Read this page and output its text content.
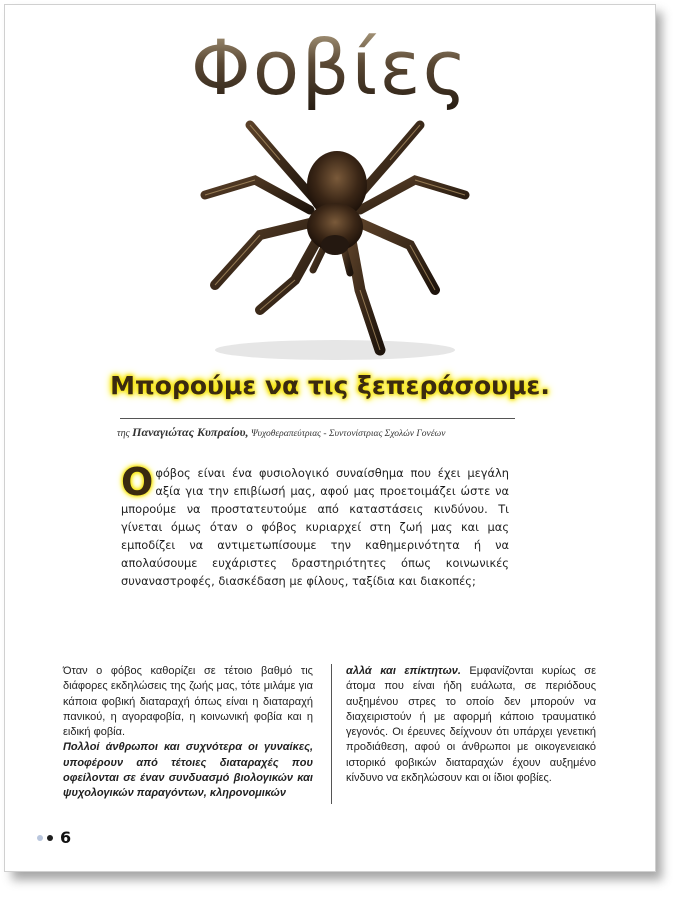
Φοβίες
Μπορούμε να τις ξεπεράσουμε.
της Παναγιώτας Κυπραίου, Ψυχοθεραπεύτριας - Συντονίστριας Σχολών Γονέων
Οφόβος είναι ένα φυσιολογικό συναίσθημα που έχει μεγάλη αξία για την επιβίωσή μας, αφού μας προετοιμάζει ώστε να μπορούμε να προστατευτούμε από καταστάσεις κινδύνου. Τι γίνεται όμως όταν ο φόβος κυριαρχεί στη ζωή μας και μας εμποδίζει να αντιμετωπίσουμε την καθημερινότητα ή να απολαύσουμε ευχάριστες δραστηριότητες όπως κοινωνικές συναναστροφές, διασκέδαση με φίλους, ταξίδια και διακοπές;

Όταν ο φόβος καθορίζει σε τέτοιο βαθμό τις διάφορες εκδηλώσεις της ζωής μας, τότε μιλάμε για κάποια φοβική διαταραχή όπως είναι η διαταραχή πανικού, η αγοραφοβία, η κοινωνική φοβία και η ειδική φοβία.

Πολλοί άνθρωποι και συχνότερα οι γυναίκες, υποφέρουν από τέτοιες διαταραχές που οφείλονται σε έναν συνδυασμό βιολογικών και ψυχολογικών παραγόντων, κληρονομικών

αλλά και επίκτητων. Εμφανίζονται κυρίως σε άτομα που είναι ήδη ευάλωτα, σε περιόδους αυξημένου στρες το οποίο δεν μπορούν να διαχειριστούν ή με αφορμή κάποιο τραυματικό γεγονός. Οι έρευνες δείχνουν ότι υπάρχει γενετική προδιάθεση, αφού οι άνθρωποι με οικογενειακό ιστορικό φοβικών διαταραχών έχουν αυξημένο κίνδυνο να εκδηλώσουν και οι ίδιοι φοβίες.

6
